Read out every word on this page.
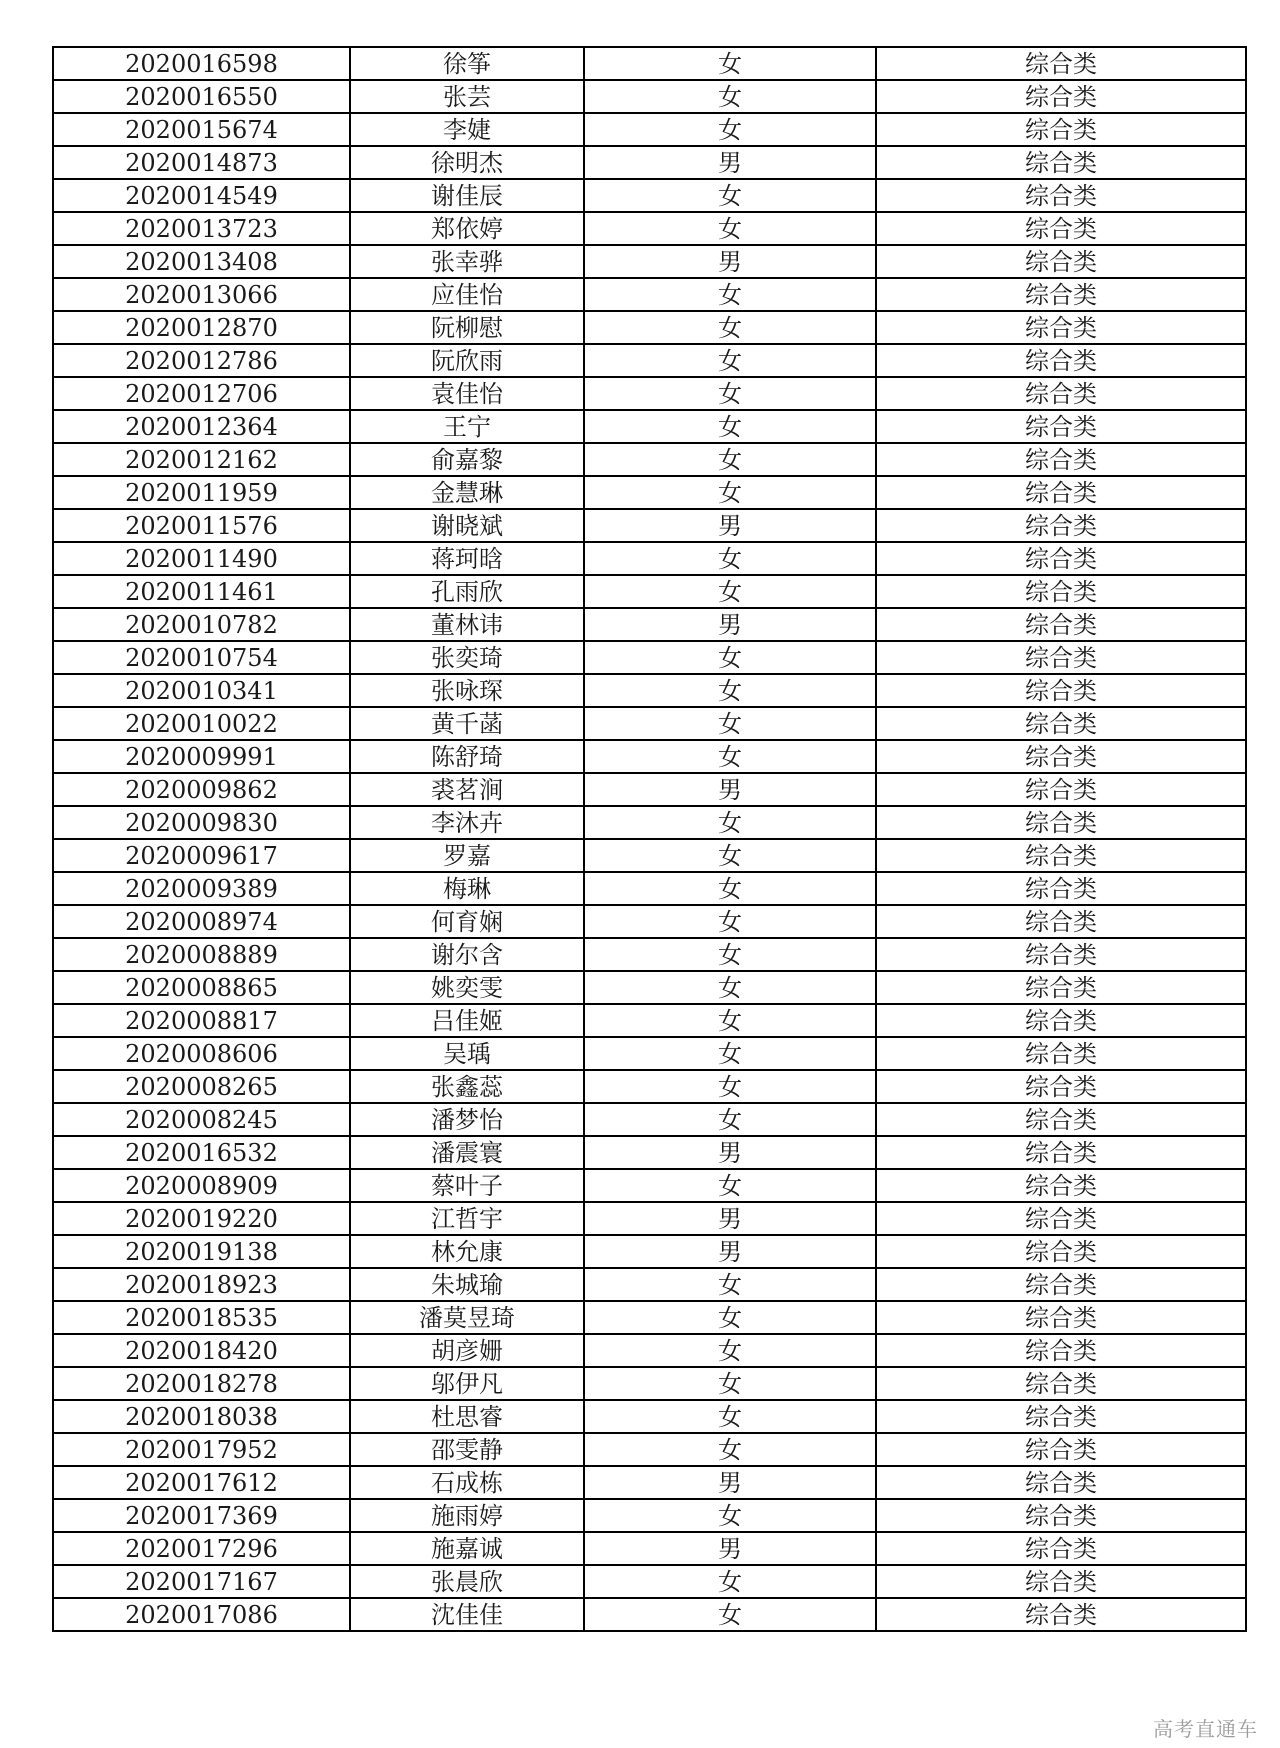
2020016598	徐筝	女	综合类
2020016550	张芸	女	综合类
2020015674	李婕	女	综合类
2020014873	徐明杰	男	综合类
2020014549	谢佳辰	女	综合类
2020013723	郑依婷	女	综合类
2020013408	张幸骅	男	综合类
2020013066	应佳怡	女	综合类
2020012870	阮柳慰	女	综合类
2020012786	阮欣雨	女	综合类
2020012706	袁佳怡	女	综合类
2020012364	王宁	女	综合类
2020012162	俞嘉黎	女	综合类
2020011959	金慧琳	女	综合类
2020011576	谢晓斌	男	综合类
2020011490	蒋珂晗	女	综合类
2020011461	孔雨欣	女	综合类
2020010782	董林讳	男	综合类
2020010754	张奕琦	女	综合类
2020010341	张咏琛	女	综合类
2020010022	黄千菡	女	综合类
2020009991	陈舒琦	女	综合类
2020009862	裘茗涧	男	综合类
2020009830	李沐卉	女	综合类
2020009617	罗嘉	女	综合类
2020009389	梅琳	女	综合类
2020008974	何育娴	女	综合类
2020008889	谢尔含	女	综合类
2020008865	姚奕雯	女	综合类
2020008817	吕佳姬	女	综合类
2020008606	吴瑀	女	综合类
2020008265	张鑫蕊	女	综合类
2020008245	潘梦怡	女	综合类
2020016532	潘震寰	男	综合类
2020008909	蔡叶子	女	综合类
2020019220	江哲宇	男	综合类
2020019138	林允康	男	综合类
2020018923	朱城瑜	女	综合类
2020018535	潘莫昱琦	女	综合类
2020018420	胡彦姗	女	综合类
2020018278	邬伊凡	女	综合类
2020018038	杜思睿	女	综合类
2020017952	邵雯静	女	综合类
2020017612	石成栋	男	综合类
2020017369	施雨婷	女	综合类
2020017296	施嘉诚	男	综合类
2020017167	张晨欣	女	综合类
2020017086	沈佳佳	女	综合类
高考直通车
